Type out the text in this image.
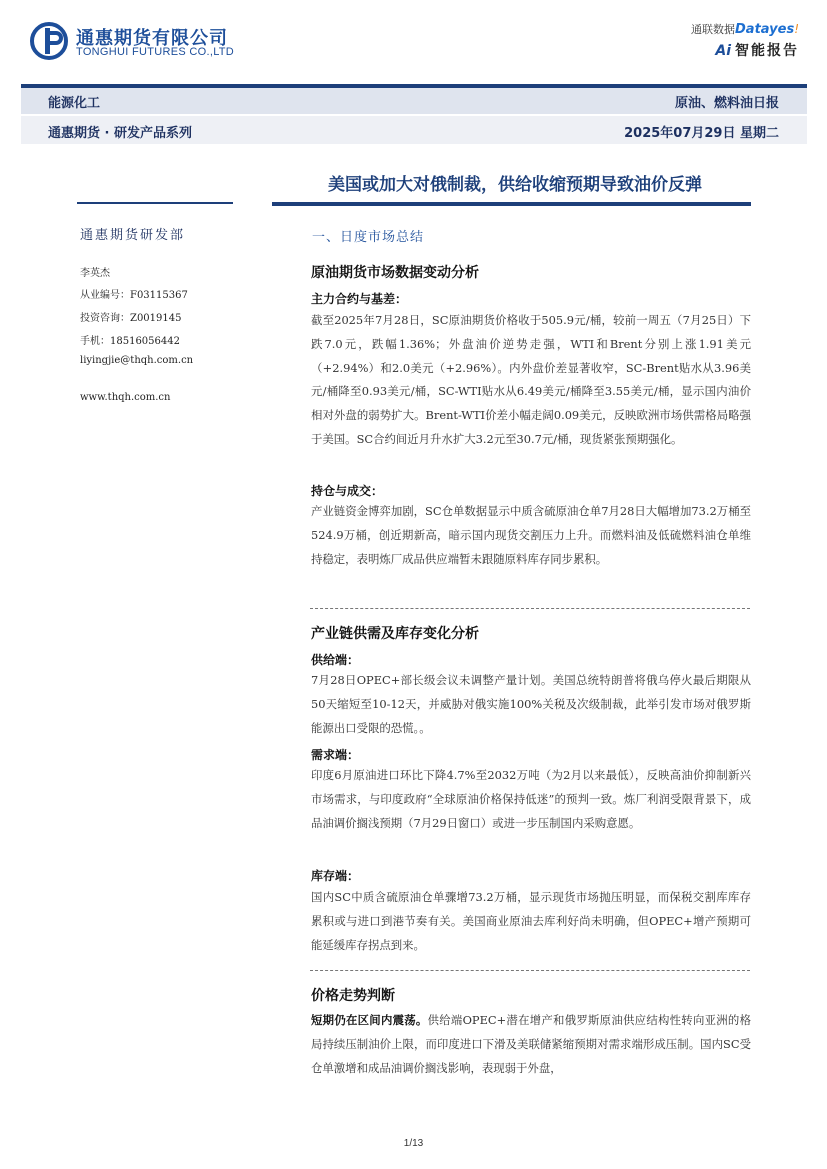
通惠期货有限公司
TONGHUI FUTURES CO.,LTD
通联数据Datayes!
Ai 智能报告
能源化工	原油、燃料油日报
通惠期货 · 研发产品系列	2025年07月29日 星期二
美国或加大对俄制裁，供给收缩预期导致油价反弹
通惠期货研发部
李英杰
从业编号：F03115367
投资咨询：Z0019145
手机：18516056442
liyingjie@thqh.com.cn
www.thqh.com.cn
一、日度市场总结
原油期货市场数据变动分析
主力合约与基差：
截至2025年7月28日，SC原油期货价格收于505.9元/桶，较前一周五（7月25日）下跌7.0元，跌幅1.36%；外盘油价逆势走强，WTI和Brent分别上涨1.91美元（+2.94%）和2.0美元（+2.96%）。内外盘价差显著收窄，SC-Brent贴水从3.96美元/桶降至0.93美元/桶，SC-WTI贴水从6.49美元/桶降至3.55美元/桶，显示国内油价相对外盘的弱势扩大。Brent-WTI价差小幅走阔0.09美元，反映欧洲市场供需格局略强于美国。SC合约间近月升水扩大3.2元至30.7元/桶，现货紧张预期强化。
持仓与成交：
产业链资金博弈加剧，SC仓单数据显示中质含硫原油仓单7月28日大幅增加73.2万桶至524.9万桶，创近期新高，暗示国内现货交割压力上升。而燃料油及低硫燃料油仓单维持稳定，表明炼厂成品供应端暂未跟随原料库存同步累积。
产业链供需及库存变化分析
供给端：
7月28日OPEC+部长级会议未调整产量计划。美国总统特朗普将俄乌停火最后期限从50天缩短至10-12天，并威胁对俄实施100%关税及次级制裁，此举引发市场对俄罗斯能源出口受限的恐慌。。
需求端：
印度6月原油进口环比下降4.7%至2032万吨（为2月以来最低），反映高油价抑制新兴市场需求，与印度政府“全球原油价格保持低迷”的预判一致。炼厂利润受限背景下，成品油调价搁浅预期（7月29日窗口）或进一步压制国内采购意愿。
库存端：
国内SC中质含硫原油仓单骤增73.2万桶，显示现货市场抛压明显，而保税交割库库存累积或与进口到港节奏有关。美国商业原油去库利好尚未明确，但OPEC+增产预期可能延缓库存拐点到来。
价格走势判断
短期仍在区间内震荡。供给端OPEC+潜在增产和俄罗斯原油供应结构性转向亚洲的格局持续压制油价上限，而印度进口下滑及美联储紧缩预期对需求端形成压制。国内SC受仓单激增和成品油调价搁浅影响，表现弱于外盘，
1/13
